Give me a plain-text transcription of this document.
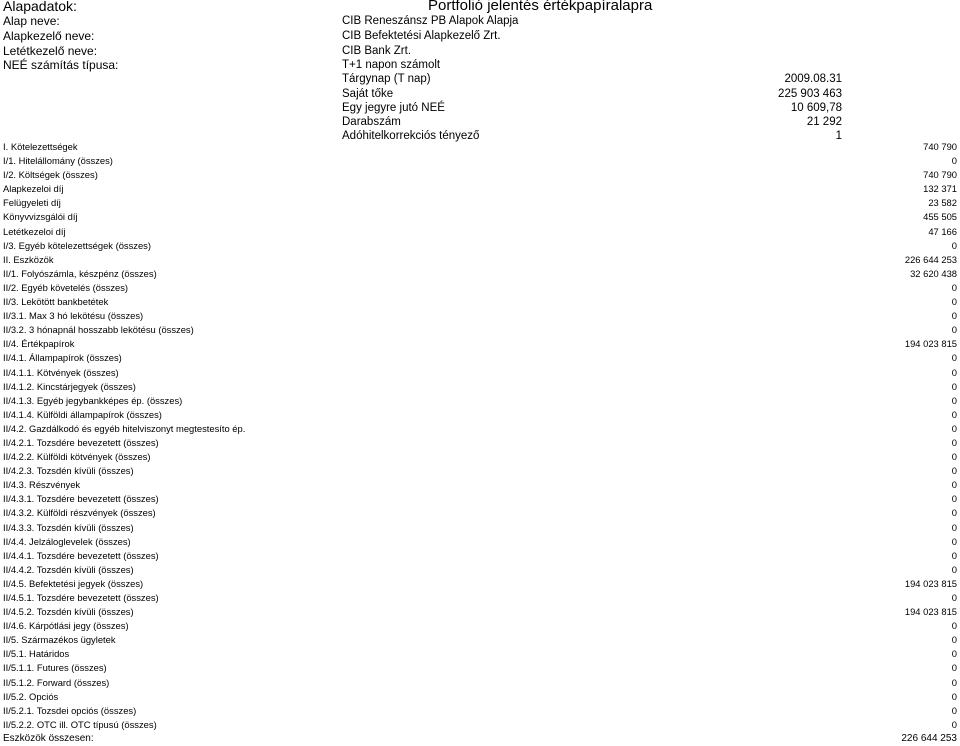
Alapadatok:	Portfolió jelentés értékpapíralapra
Alap neve:	CIB Reneszánsz PB Alapok Alapja
Alapkezelő neve:	CIB Befektetési Alapkezelő Zrt.
Letétkezelő neve:	CIB Bank Zrt.
NEÉ számítás típusa:	T+1 napon számolt
Tárgynap (T nap)	2009.08.31
Saját tőke	225 903 463
Egy jegyre jutó NEÉ	10 609,78
Darabszám	21 292
Adóhitelkorrekciós tényező	1
I. Kötelezettségek	740 790
I/1. Hitelállomány (összes)	0
I/2. Költségek (összes)	740 790
Alapkezeloi díj	132 371
Felügyeleti díj	23 582
Könyvvizsgálói díj	455 505
Letétkezeloi díj	47 166
I/3. Egyéb kötelezettségek (összes)	0
II. Eszközök	226 644 253
II/1. Folyószámla, készpénz (összes)	32 620 438
II/2. Egyéb követelés (összes)	0
II/3. Lekötött bankbetétek	0
II/3.1. Max 3 hó lekötésu (összes)	0
II/3.2. 3 hónapnál hosszabb lekötésu (összes)	0
II/4. Értékpapírok	194 023 815
II/4.1. Állampapírok (összes)	0
II/4.1.1. Kötvények (összes)	0
II/4.1.2. Kincstárjegyek (összes)	0
II/4.1.3. Egyéb jegybankképes ép. (összes)	0
II/4.1.4. Külföldi állampapírok (összes)	0
II/4.2. Gazdálkodó és egyéb hitelviszonyt megtestesíto ép.	0
II/4.2.1. Tozsdére bevezetett (összes)	0
II/4.2.2. Külföldi kötvények (összes)	0
II/4.2.3. Tozsdén kívüli (összes)	0
II/4.3. Részvények	0
II/4.3.1. Tozsdére bevezetett (összes)	0
II/4.3.2. Külföldi részvények (összes)	0
II/4.3.3. Tozsdén kívüli (összes)	0
II/4.4. Jelzáloglevelek (összes)	0
II/4.4.1. Tozsdére bevezetett (összes)	0
II/4.4.2. Tozsdén kívüli (összes)	0
II/4.5. Befektetési jegyek (összes)	194 023 815
II/4.5.1. Tozsdére bevezetett (összes)	0
II/4.5.2. Tozsdén kívüli (összes)	194 023 815
II/4.6. Kárpótlási jegy (összes)	0
II/5. Származékos ügyletek	0
II/5.1. Határidos	0
II/5.1.1. Futures (összes)	0
II/5.1.2. Forward (összes)	0
II/5.2. Opciós	0
II/5.2.1. Tozsdei opciós (összes)	0
II/5.2.2. OTC ill. OTC típusú (összes)	0
Eszközök összesen:	226 644 253
